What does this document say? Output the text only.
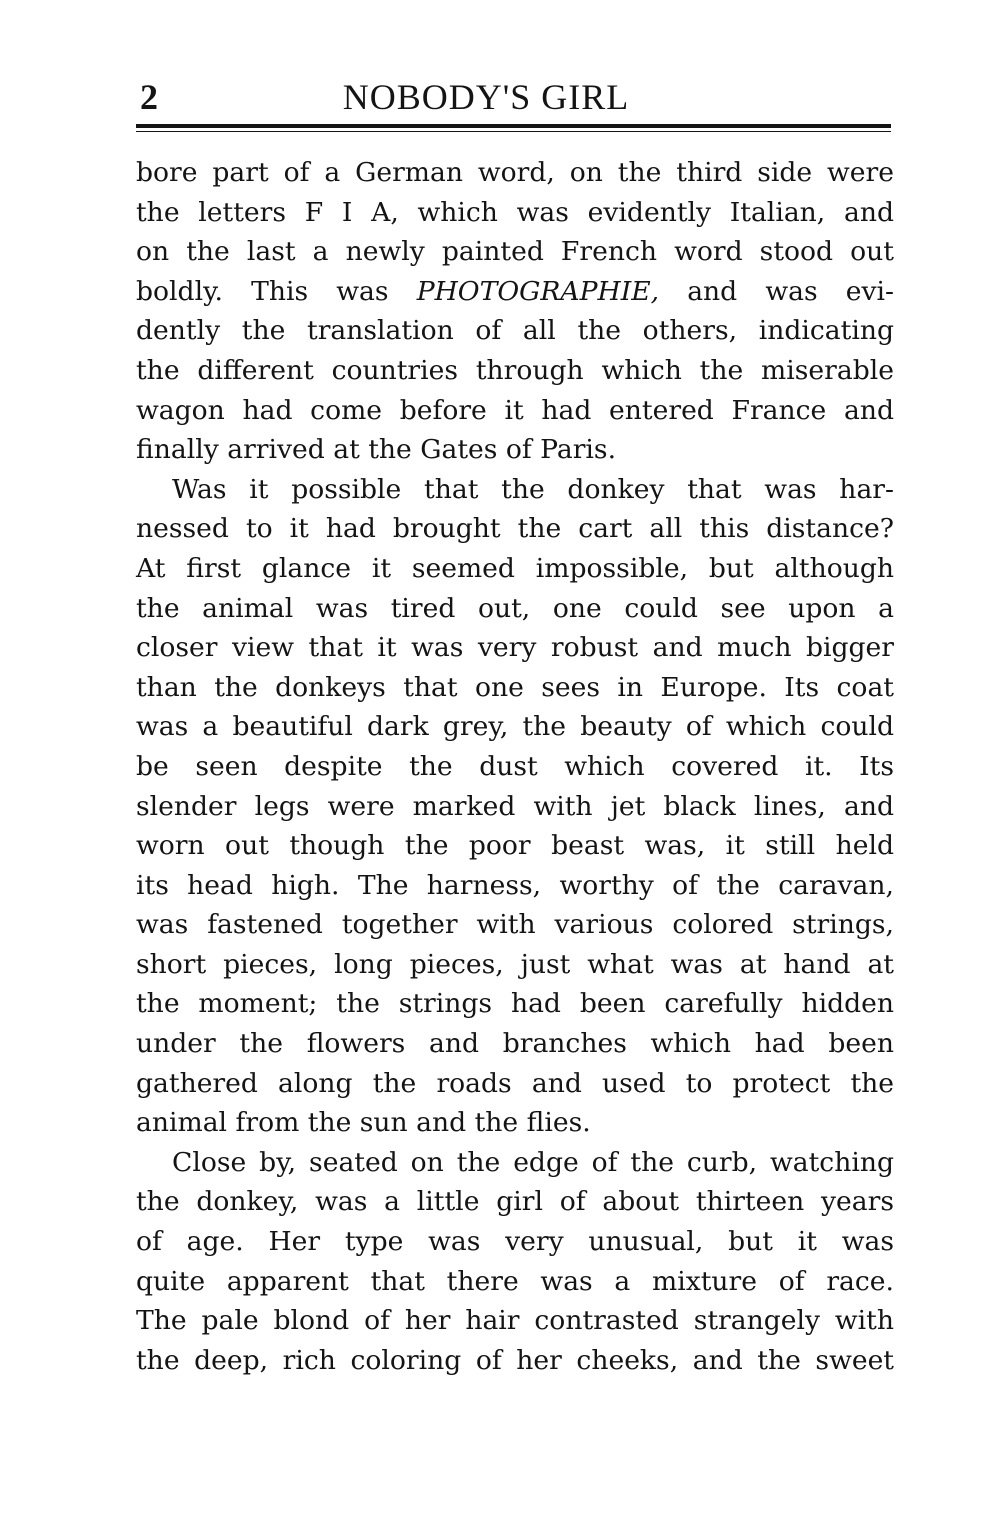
2	NOBODY'S GIRL
bore part of a German word, on the third side were
the letters F I A, which was evidently Italian, and
on the last a newly painted French word stood out
boldly. This was PHOTOGRAPHIE, and was evi-
dently the translation of all the others, indicating
the different countries through which the miserable
wagon had come before it had entered France and
finally arrived at the Gates of Paris.
Was it possible that the donkey that was har-
nessed to it had brought the cart all this distance?
At first glance it seemed impossible, but although
the animal was tired out, one could see upon a
closer view that it was very robust and much bigger
than the donkeys that one sees in Europe. Its coat
was a beautiful dark grey, the beauty of which could
be seen despite the dust which covered it. Its
slender legs were marked with jet black lines, and
worn out though the poor beast was, it still held
its head high. The harness, worthy of the caravan,
was fastened together with various colored strings,
short pieces, long pieces, just what was at hand at
the moment; the strings had been carefully hidden
under the flowers and branches which had been
gathered along the roads and used to protect the
animal from the sun and the flies.
Close by, seated on the edge of the curb, watching
the donkey, was a little girl of about thirteen years
of age. Her type was very unusual, but it was
quite apparent that there was a mixture of race.
The pale blond of her hair contrasted strangely with
the deep, rich coloring of her cheeks, and the sweet
